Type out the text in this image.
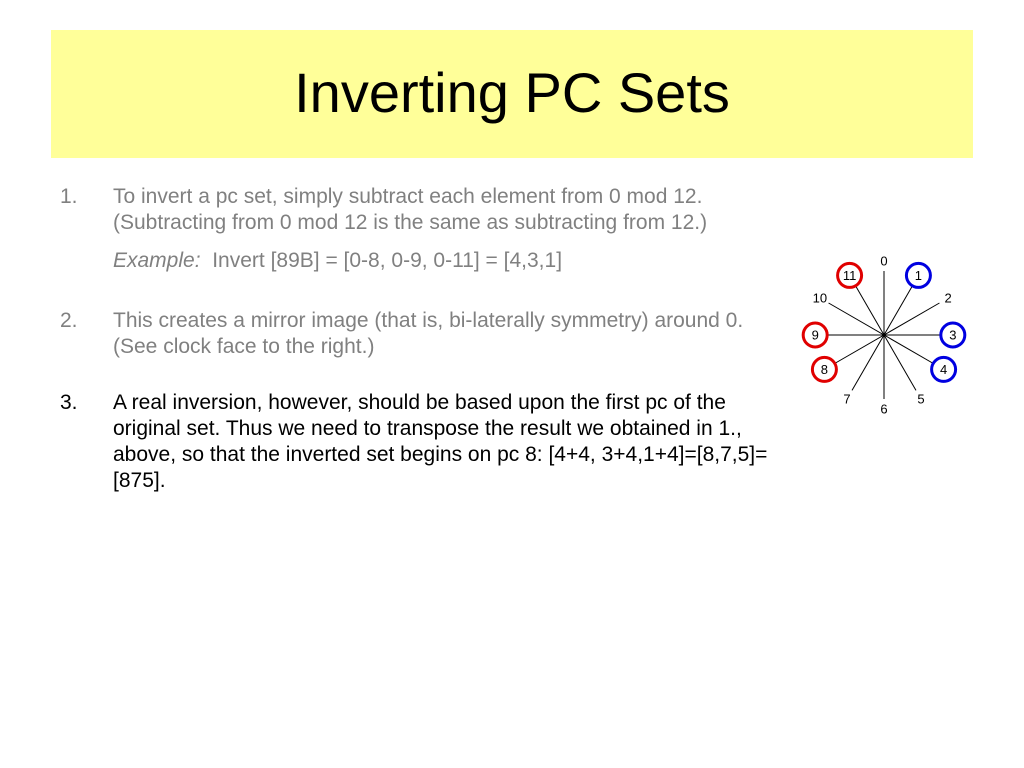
Inverting PC Sets
1.	To invert a pc set, simply subtract each element from 0 mod 12. (Subtracting from 0 mod 12 is the same as subtracting from 12.)
Example: Invert [89B] = [0-8, 0-9, 0-11] = [4,3,1]
2.	This creates a mirror image (that is, bi-laterally symmetry) around 0. (See clock face to the right.)
3.	A real inversion, however, should be based upon the first pc of the original set. Thus we need to transpose the result we obtained in 1., above, so that the inverted set begins on pc 8: [4+4, 3+4,1+4]=[8,7,5]=[875].
0
1
2
3
4
5
6
7
8
9
10
11
